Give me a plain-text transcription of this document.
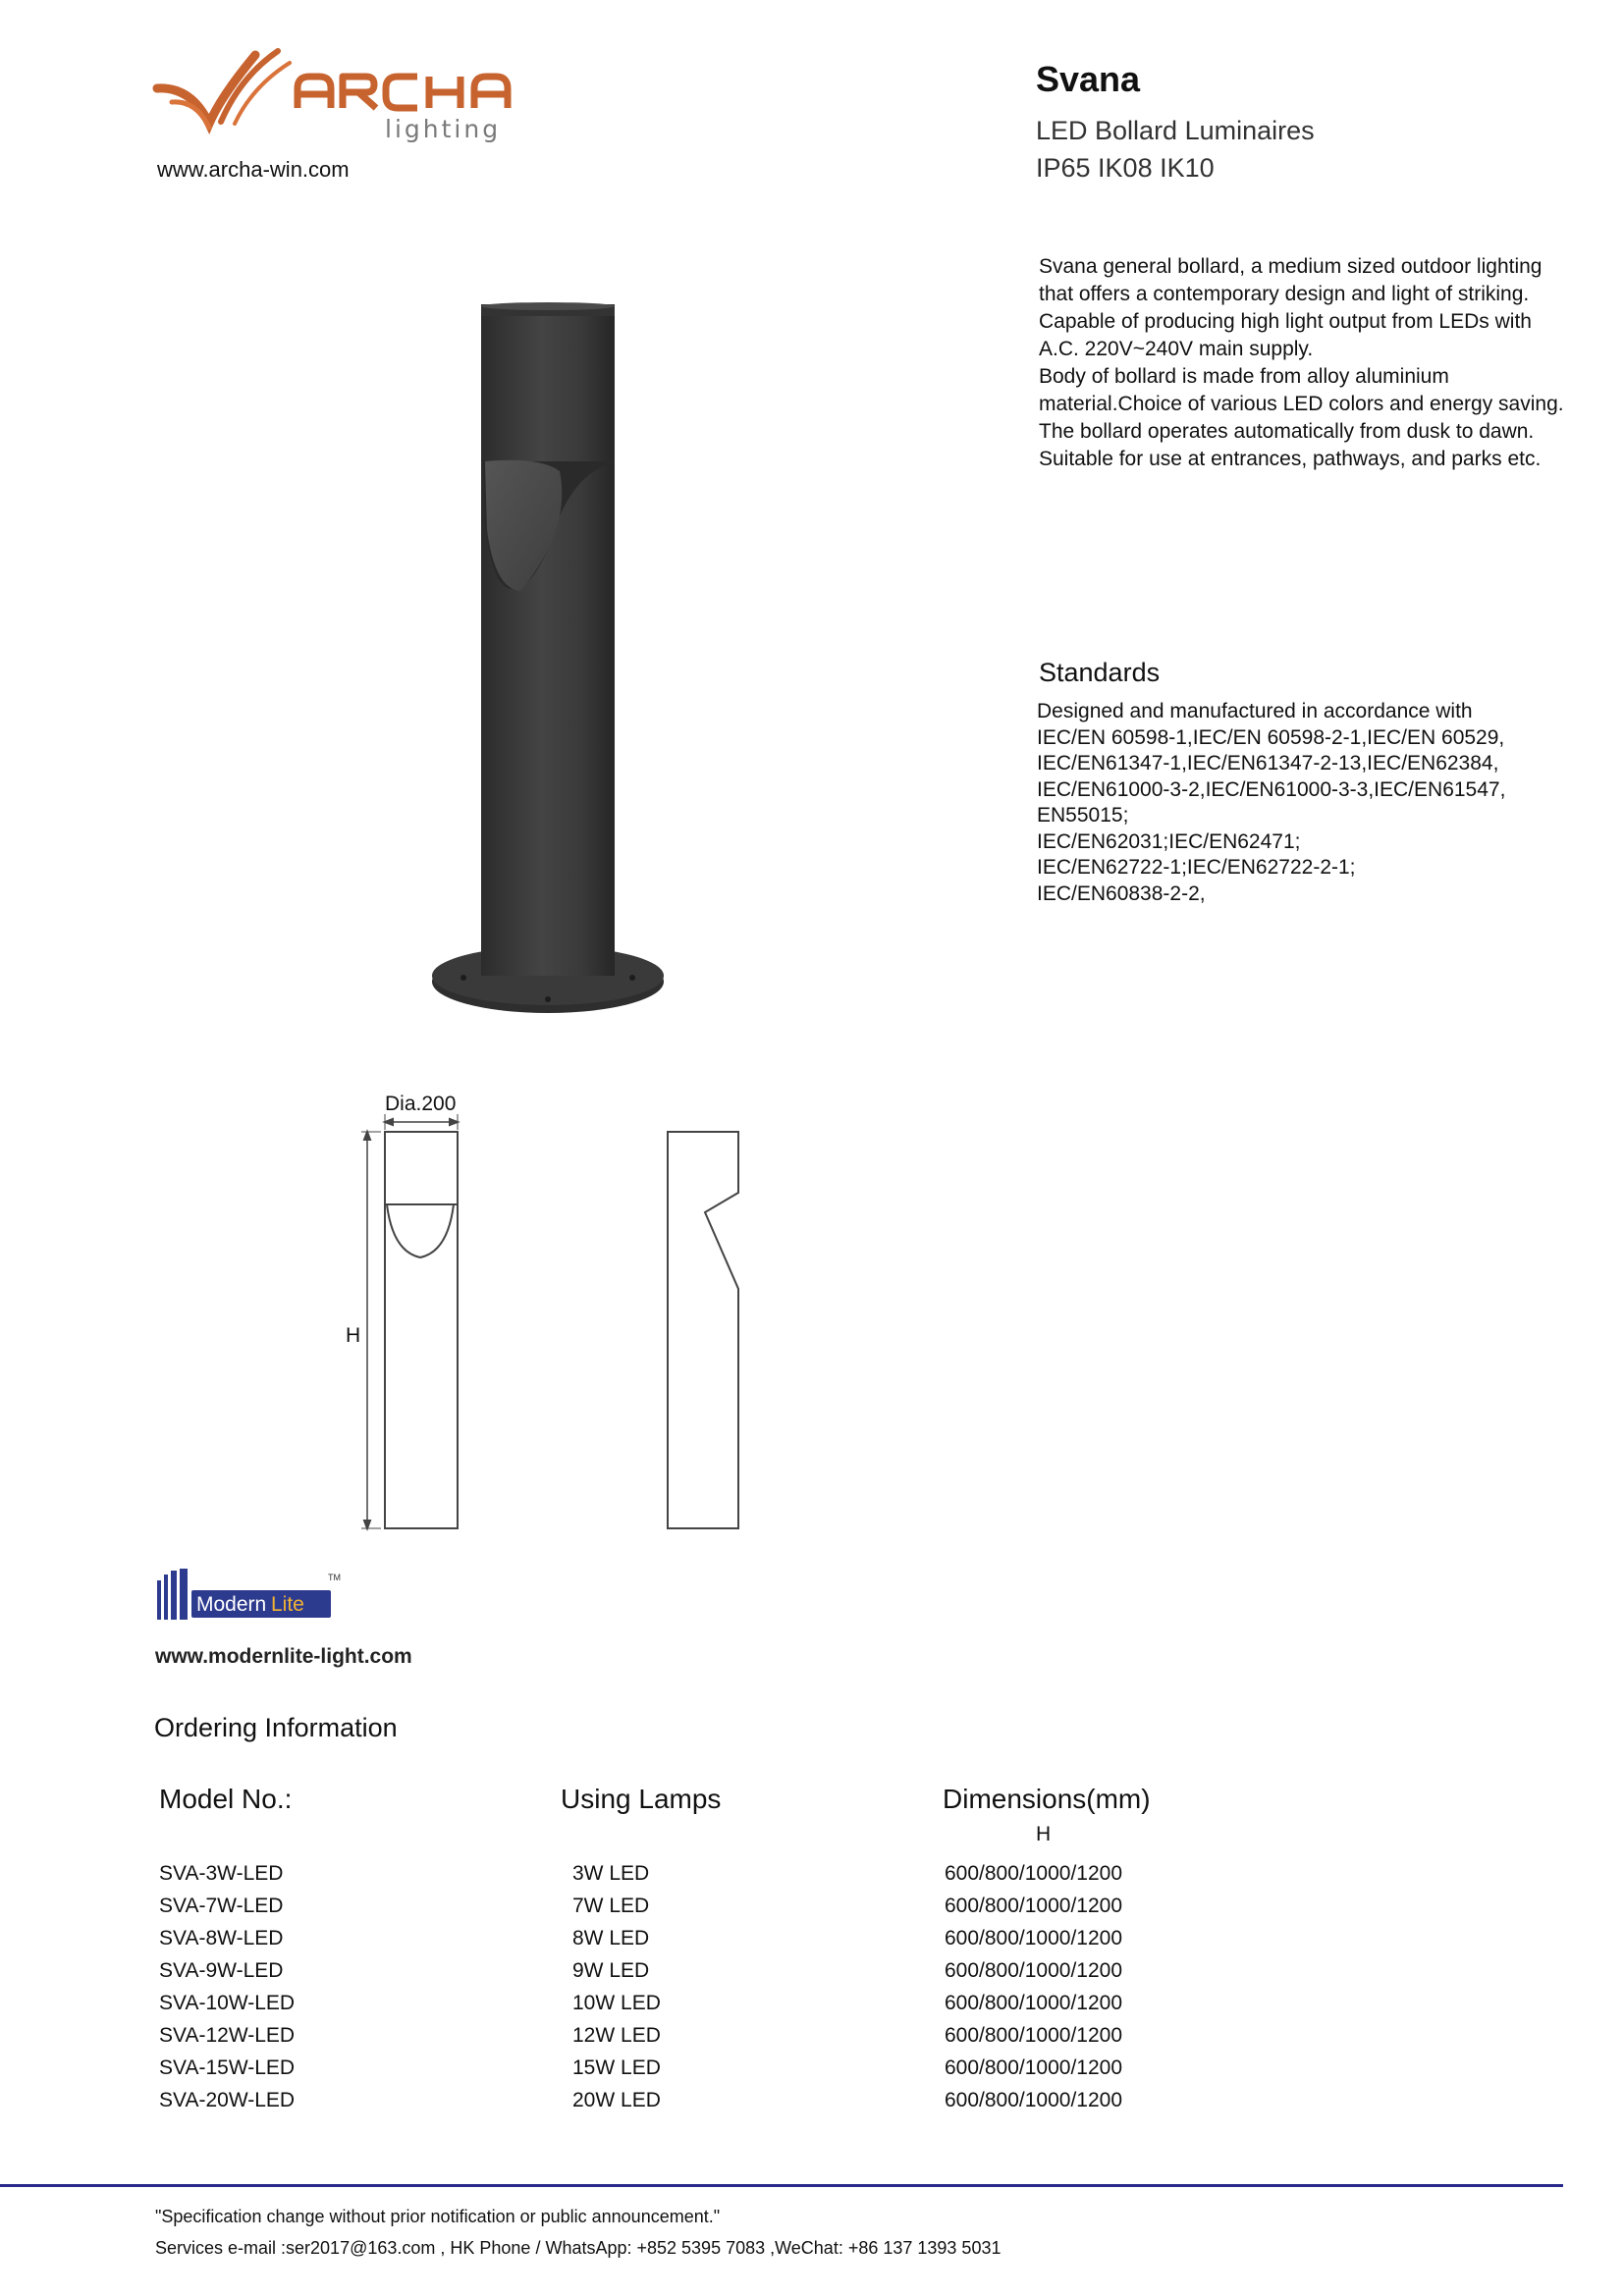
lighting
www.archa-win.com
Svana
LED Bollard Luminaires
IP65 IK08 IK10
Svana general bollard, a medium sized outdoor lighting
that offers a contemporary design and light of striking.
Capable of producing high light output from LEDs with
A.C. 220V~240V main supply.
Body of bollard is made from alloy aluminium
material.Choice of various LED colors and energy saving.
The bollard operates automatically from dusk to dawn.
Suitable for use at entrances, pathways, and parks etc.
Standards
Designed and manufactured in accordance with
IEC/EN 60598-1,IEC/EN 60598-2-1,IEC/EN 60529,
IEC/EN61347-1,IEC/EN61347-2-13,IEC/EN62384,
IEC/EN61000-3-2,IEC/EN61000-3-3,IEC/EN61547,
EN55015;
IEC/EN62031;IEC/EN62471;
IEC/EN62722-1;IEC/EN62722-2-1;
IEC/EN60838-2-2,
Dia.200
H
Modern Lite
TM
www.modernlite-light.com
Ordering Information
Model No.:	Using Lamps	Dimensions(mm)
H
SVA-3W-LED	3W LED	600/800/1000/1200
SVA-7W-LED	7W LED	600/800/1000/1200
SVA-8W-LED	8W LED	600/800/1000/1200
SVA-9W-LED	9W LED	600/800/1000/1200
SVA-10W-LED	10W LED	600/800/1000/1200
SVA-12W-LED	12W LED	600/800/1000/1200
SVA-15W-LED	15W LED	600/800/1000/1200
SVA-20W-LED	20W LED	600/800/1000/1200
"Specification change without prior notification or public announcement."
Services e-mail :ser2017@163.com , HK Phone / WhatsApp: +852 5395 7083 ,WeChat: +86 137 1393 5031
